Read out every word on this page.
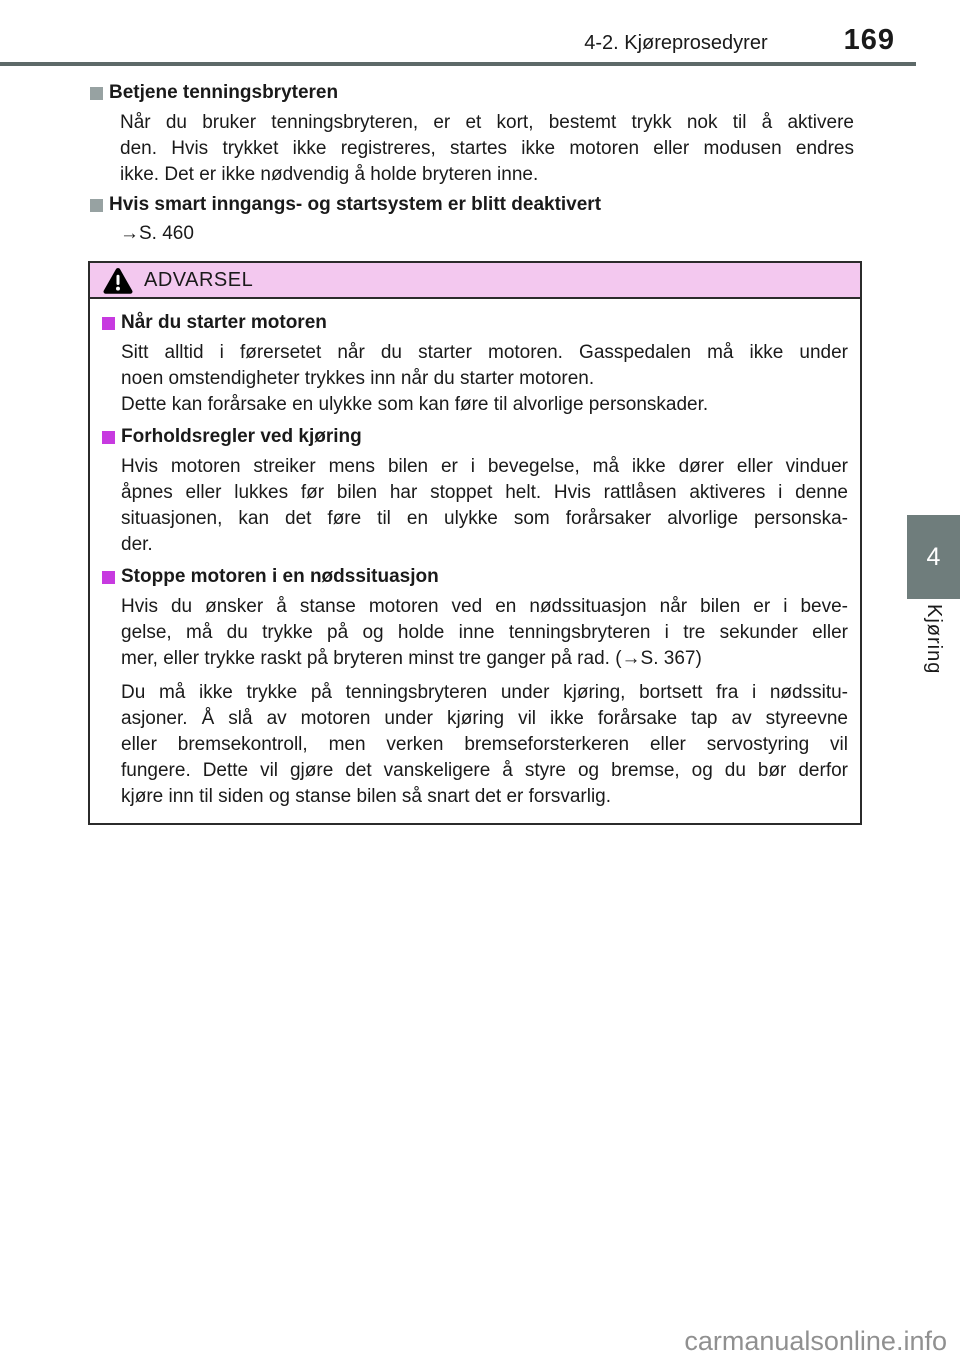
4-2. Kjøreprosedyrer	169
Betjene tenningsbryteren
Når du bruker tenningsbryteren, er et kort, bestemt trykk nok til å aktivere
den. Hvis trykket ikke registreres, startes ikke motoren eller modusen endres
ikke. Det er ikke nødvendig å holde bryteren inne.
Hvis smart inngangs- og startsystem er blitt deaktivert
→S. 460
ADVARSEL
Når du starter motoren
Sitt alltid i førersetet når du starter motoren. Gasspedalen må ikke under
noen omstendigheter trykkes inn når du starter motoren.
Dette kan forårsake en ulykke som kan føre til alvorlige personskader.
Forholdsregler ved kjøring
Hvis motoren streiker mens bilen er i bevegelse, må ikke dører eller vinduer
åpnes eller lukkes før bilen har stoppet helt. Hvis rattlåsen aktiveres i denne
situasjonen, kan det føre til en ulykke som forårsaker alvorlige personska-
der.
Stoppe motoren i en nødssituasjon
Hvis du ønsker å stanse motoren ved en nødssituasjon når bilen er i beve-
gelse, må du trykke på og holde inne tenningsbryteren i tre sekunder eller
mer, eller trykke raskt på bryteren minst tre ganger på rad. (→S. 367)
Du må ikke trykke på tenningsbryteren under kjøring, bortsett fra i nødssitu-
asjoner. Å slå av motoren under kjøring vil ikke forårsake tap av styreevne
eller bremsekontroll, men verken bremseforsterkeren eller servostyring vil
fungere. Dette vil gjøre det vanskeligere å styre og bremse, og du bør derfor
kjøre inn til siden og stanse bilen så snart det er forsvarlig.
4
Kjøring
carmanualsonline.info
